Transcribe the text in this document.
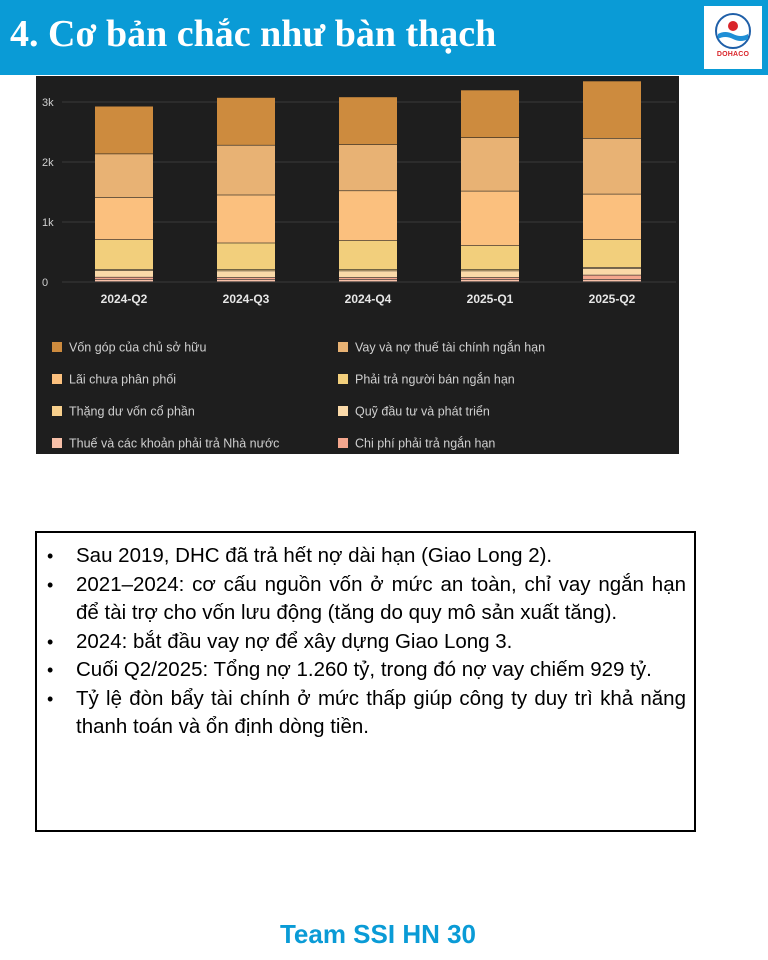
4. Cơ bản chắc như bàn thạch	DOHACO
3k
2k
1k
0
2024-Q2	2024-Q3	2024-Q4	2025-Q1	2025-Q2
Vốn góp của chủ sở hữu	Vay và nợ thuế tài chính ngắn hạn
Lãi chưa phân phối	Phải trả người bán ngắn hạn
Thặng dư vốn cổ phần	Quỹ đầu tư và phát triển
Thuế và các khoản phải trả Nhà nước	Chi phí phải trả ngắn hạn
• Sau 2019, DHC đã trả hết nợ dài hạn (Giao Long 2).
• 2021–2024: cơ cấu nguồn vốn ở mức an toàn, chỉ vay ngắn hạn để tài trợ cho vốn lưu động (tăng do quy mô sản xuất tăng).
• 2024: bắt đầu vay nợ để xây dựng Giao Long 3.
• Cuối Q2/2025: Tổng nợ 1.260 tỷ, trong đó nợ vay chiếm 929 tỷ.
• Tỷ lệ đòn bẩy tài chính ở mức thấp giúp công ty duy trì khả năng thanh toán và ổn định dòng tiền.
Team SSI HN 30
